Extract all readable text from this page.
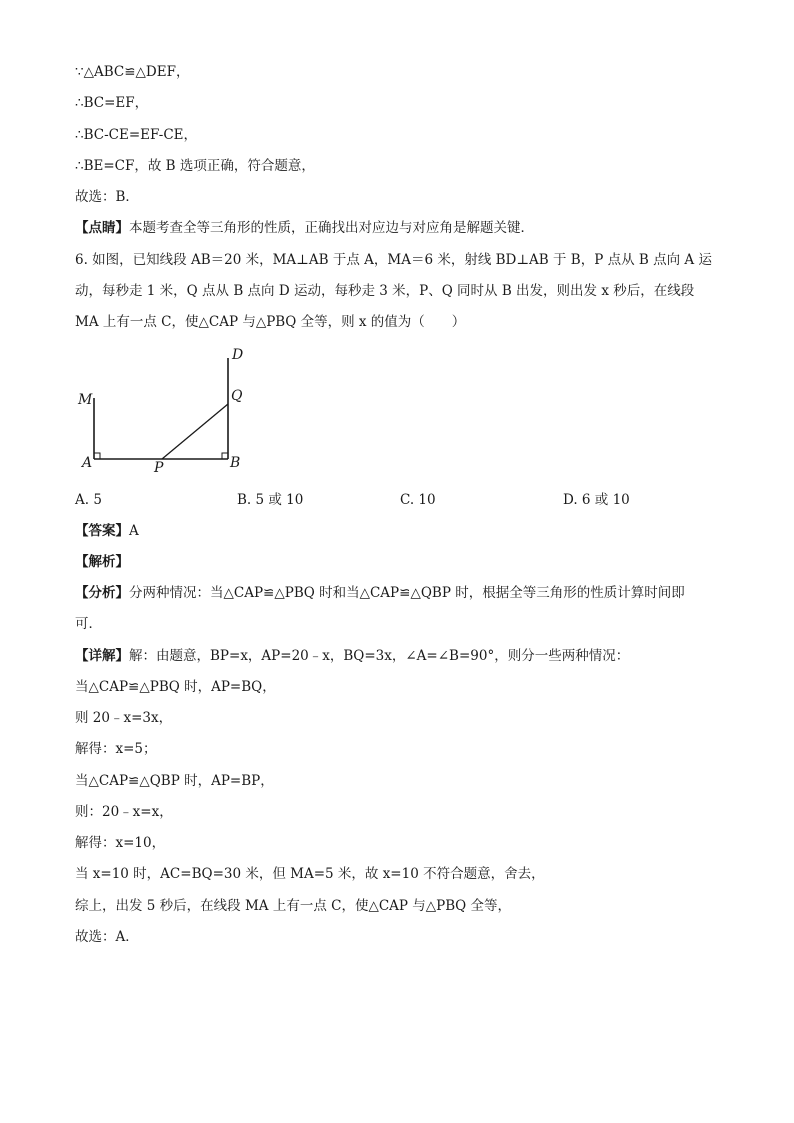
∵△ABC≌△DEF，
∴BC=EF，
∴BC-CE=EF-CE，
∴BE=CF，故 B 选项正确，符合题意，
故选：B．
【点睛】本题考查全等三角形的性质，正确找出对应边与对应角是解题关键．
6. 如图，已知线段 AB＝20 米，MA⊥AB 于点 A，MA＝6 米，射线 BD⊥AB 于 B，P 点从 B 点向 A 运
动，每秒走 1 米，Q 点从 B 点向 D 运动，每秒走 3 米，P、Q 同时从 B 出发，则出发 x 秒后，在线段
MA 上有一点 C，使△CAP 与△PBQ 全等，则 x 的值为（　　）
M
A	P	B
Q
D
A. 5	B. 5 或 10	C. 10	D. 6 或 10
【答案】A
【解析】
【分析】分两种情况：当△CAP≌△PBQ 时和当△CAP≌△QBP 时，根据全等三角形的性质计算时间即
可．
【详解】解：由题意，BP=x，AP=20﹣x，BQ=3x，∠A=∠B=90°，则分一些两种情况：
当△CAP≌△PBQ 时，AP=BQ，
则 20﹣x=3x，
解得：x=5；
当△CAP≌△QBP 时，AP=BP，
则：20﹣x=x，
解得：x=10，
当 x=10 时，AC=BQ=30 米，但 MA=5 米，故 x=10 不符合题意，舍去，
综上，出发 5 秒后，在线段 MA 上有一点 C，使△CAP 与△PBQ 全等，
故选：A．
